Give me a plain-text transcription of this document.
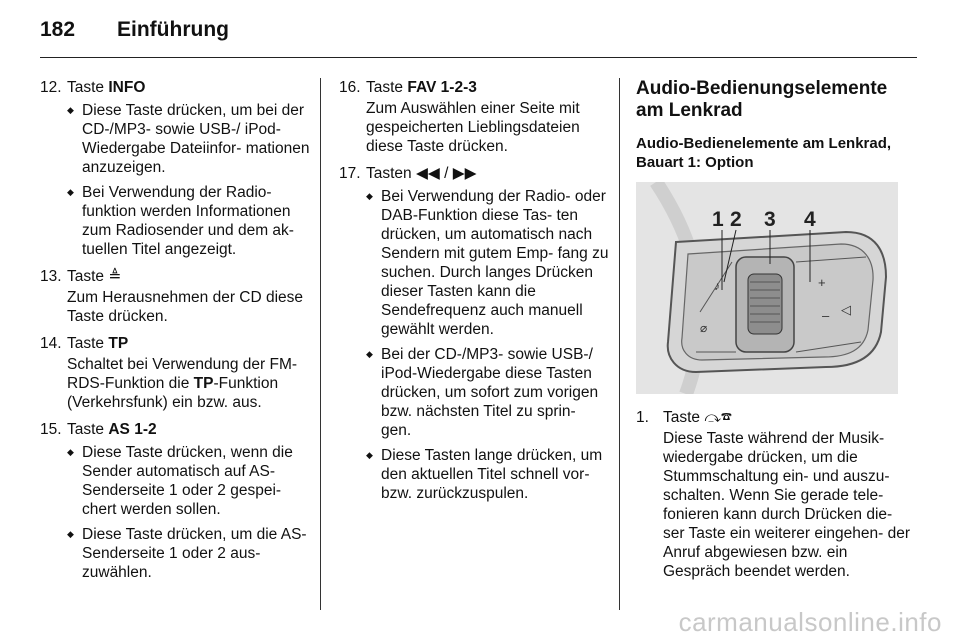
182 Einführung
12. Taste INFO
◆ Diese Taste drücken, um bei der CD-/MP3- sowie USB-/ iPod-Wiedergabe Dateiinfor- mationen anzuzeigen.
◆ Bei Verwendung der Radio- funktion werden Informationen zum Radiosender und dem ak- tuellen Titel angezeigt.
13. Taste ≜
Zum Herausnehmen der CD diese Taste drücken.
14. Taste TP
Schaltet bei Verwendung der FM- RDS-Funktion die TP-Funktion (Verkehrsfunk) ein bzw. aus.
15. Taste AS 1-2
◆ Diese Taste drücken, wenn die Sender automatisch auf AS- Senderseite 1 oder 2 gespei- chert werden sollen.
◆ Diese Taste drücken, um die AS-Senderseite 1 oder 2 aus- zuwählen.
16. Taste FAV 1-2-3
Zum Auswählen einer Seite mit gespeicherten Lieblingsdateien diese Taste drücken.
17. Tasten ◀◀ / ▶▶
◆ Bei Verwendung der Radio- oder DAB-Funktion diese Tas- ten drücken, um automatisch nach Sendern mit gutem Emp- fang zu suchen. Durch langes Drücken dieser Tasten kann die Sendefrequenz auch manuell gewählt werden.
◆ Bei der CD-/MP3- sowie USB-/ iPod-Wiedergabe diese Tasten drücken, um sofort zum vorigen bzw. nächsten Titel zu sprin- gen.
◆ Diese Tasten lange drücken, um den aktuellen Titel schnell vor- bzw. zurückzuspulen.
Audio-Bedienungselemente am Lenkrad
Audio-Bedienelemente am Lenkrad, Bauart 1: Option
+
◁
–
♪
⌀
1 2 3 4
1. Taste ⤼☎
Diese Taste während der Musik- wiedergabe drücken, um die Stummschaltung ein- und auszu- schalten. Wenn Sie gerade tele- fonieren kann durch Drücken die- ser Taste ein weiterer eingehen- der Anruf abgewiesen bzw. ein Gespräch beendet werden.
carmanualsonline.info
